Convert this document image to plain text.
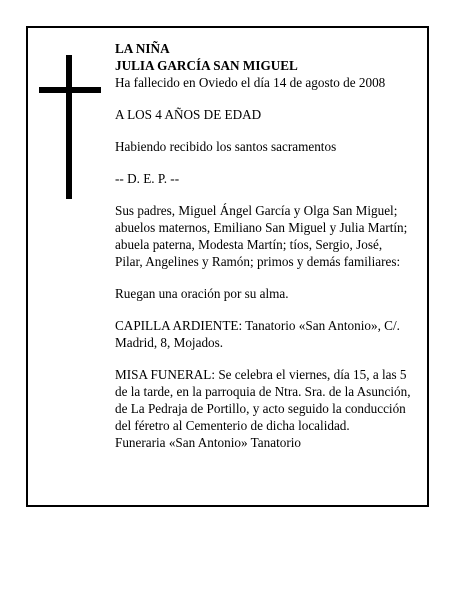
LA NIÑA

JULIA GARCÍA SAN MIGUEL

Ha fallecido en Oviedo el día 14 de agosto de 2008

A LOS 4 AÑOS DE EDAD

Habiendo recibido los santos sacramentos

-- D. E. P. --

Sus padres, Miguel Ángel García y Olga San Miguel;

abuelos maternos, Emiliano San Miguel y Julia Martín;

abuela paterna, Modesta Martín; tíos, Sergio, José,

Pilar, Angelines y Ramón; primos y demás familiares:

Ruegan una oración por su alma.

CAPILLA ARDIENTE: Tanatorio «San Antonio», C/.

Madrid, 8, Mojados.

MISA FUNERAL: Se celebra el viernes, día 15, a las 5

de la tarde, en la parroquia de Ntra. Sra. de la Asunción,

de La Pedraja de Portillo, y acto seguido la conducción

del féretro al Cementerio de dicha localidad.

Funeraria «San Antonio» Tanatorio
